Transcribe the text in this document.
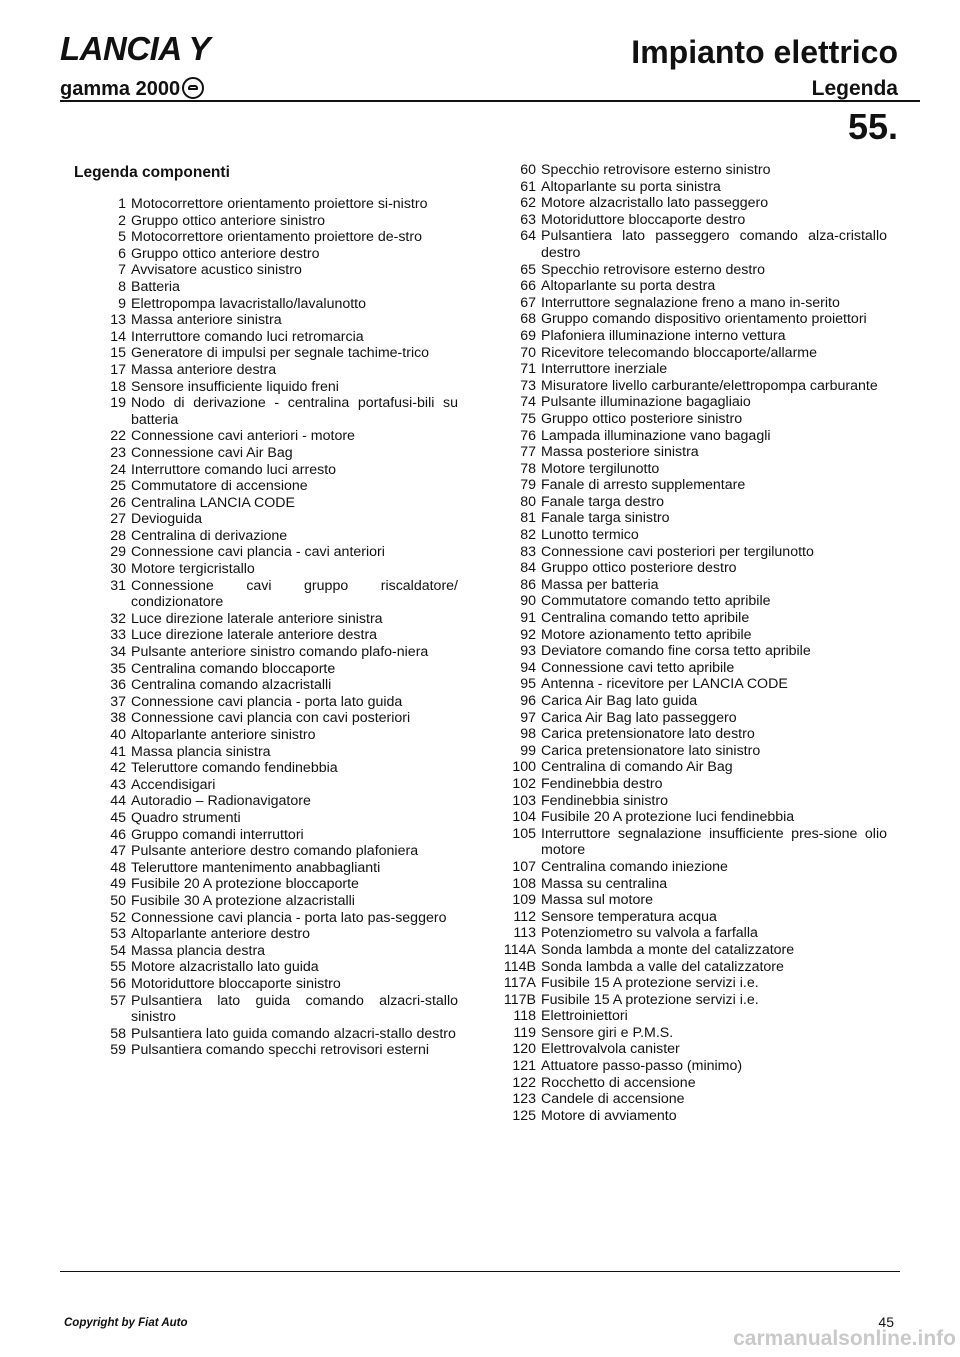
LANCIA Y
gamma 2000
Impianto elettrico
Legenda
55.
Legenda componenti
1 Motocorrettore orientamento proiettore si-nistro
2 Gruppo ottico anteriore sinistro
5 Motocorrettore orientamento proiettore de-stro
6 Gruppo ottico anteriore destro
7 Avvisatore acustico sinistro
8 Batteria
9 Elettropompa lavacristallo/lavalunotto
13 Massa anteriore sinistra
14 Interruttore comando luci retromarcia
15 Generatore di impulsi per segnale tachime-trico
17 Massa anteriore destra
18 Sensore insufficiente liquido freni
19 Nodo di derivazione - centralina portafusi-bili su batteria
22 Connessione cavi anteriori - motore
23 Connessione cavi Air Bag
24 Interruttore comando luci arresto
25 Commutatore di accensione
26 Centralina LANCIA CODE
27 Devioguida
28 Centralina di derivazione
29 Connessione cavi plancia - cavi anteriori
30 Motore tergicristallo
31 Connessione cavi gruppo riscaldatore/ condizionatore
32 Luce direzione laterale anteriore sinistra
33 Luce direzione laterale anteriore destra
34 Pulsante anteriore sinistro comando plafo-niera
35 Centralina comando bloccaporte
36 Centralina comando alzacristalli
37 Connessione cavi plancia - porta lato guida
38 Connessione cavi plancia con cavi posteriori
40 Altoparlante anteriore sinistro
41 Massa plancia sinistra
42 Teleruttore comando fendinebbia
43 Accendisigari
44 Autoradio – Radionavigatore
45 Quadro strumenti
46 Gruppo comandi interruttori
47 Pulsante anteriore destro comando plafoniera
48 Teleruttore mantenimento anabbaglianti
49 Fusibile 20 A protezione bloccaporte
50 Fusibile 30 A protezione alzacristalli
52 Connessione cavi plancia - porta lato pas-seggero
53 Altoparlante anteriore destro
54 Massa plancia destra
55 Motore alzacristallo lato guida
56 Motoriduttore bloccaporte sinistro
57 Pulsantiera lato guida comando alzacri-stallo sinistro
58 Pulsantiera lato guida comando alzacri-stallo destro
59 Pulsantiera comando specchi retrovisori esterni
60 Specchio retrovisore esterno sinistro
61 Altoparlante su porta sinistra
62 Motore alzacristallo lato passeggero
63 Motoriduttore bloccaporte destro
64 Pulsantiera lato passeggero comando alza-cristallo destro
65 Specchio retrovisore esterno destro
66 Altoparlante su porta destra
67 Interruttore segnalazione freno a mano in-serito
68 Gruppo comando dispositivo orientamento proiettori
69 Plafoniera illuminazione interno vettura
70 Ricevitore telecomando bloccaporte/allarme
71 Interruttore inerziale
73 Misuratore livello carburante/elettropompa carburante
74 Pulsante illuminazione bagagliaio
75 Gruppo ottico posteriore sinistro
76 Lampada illuminazione vano bagagli
77 Massa posteriore sinistra
78 Motore tergilunotto
79 Fanale di arresto supplementare
80 Fanale targa destro
81 Fanale targa sinistro
82 Lunotto termico
83 Connessione cavi posteriori per tergilunotto
84 Gruppo ottico posteriore destro
86 Massa per batteria
90 Commutatore comando tetto apribile
91 Centralina comando tetto apribile
92 Motore azionamento tetto apribile
93 Deviatore comando fine corsa tetto apribile
94 Connessione cavi tetto apribile
95 Antenna - ricevitore per LANCIA CODE
96 Carica Air Bag lato guida
97 Carica Air Bag lato passeggero
98 Carica pretensionatore lato destro
99 Carica pretensionatore lato sinistro
100 Centralina di comando Air Bag
102 Fendinebbia destro
103 Fendinebbia sinistro
104 Fusibile 20 A protezione luci fendinebbia
105 Interruttore segnalazione insufficiente pres-sione olio motore
107 Centralina comando iniezione
108 Massa su centralina
109 Massa sul motore
112 Sensore temperatura acqua
113 Potenziometro su valvola a farfalla
114A Sonda lambda a monte del catalizzatore
114B Sonda lambda a valle del catalizzatore
117A Fusibile 15 A protezione servizi i.e.
117B Fusibile 15 A protezione servizi i.e.
118 Elettroiniettori
119 Sensore giri e P.M.S.
120 Elettrovalvola canister
121 Attuatore passo-passo (minimo)
122 Rocchetto di accensione
123 Candele di accensione
125 Motore di avviamento
Copyright by Fiat Auto	45
carmanualsonline.info
